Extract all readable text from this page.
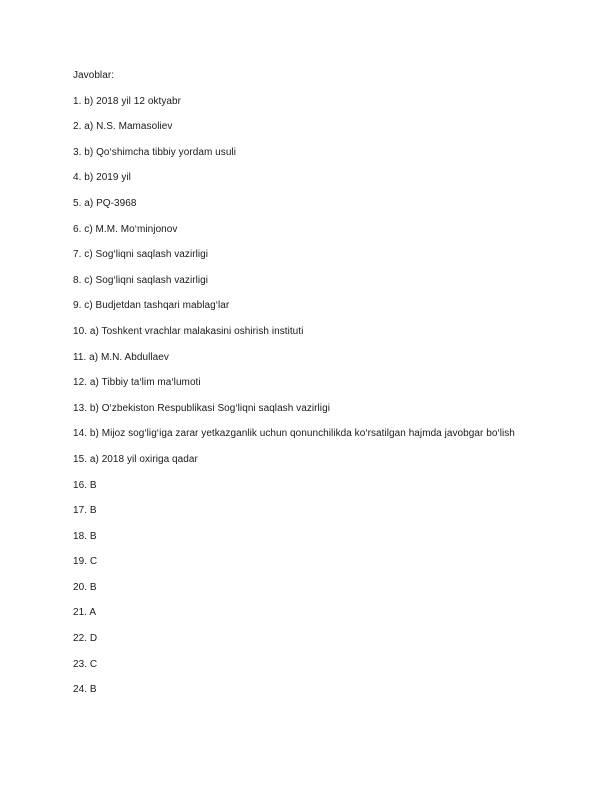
Javoblar:
1. b) 2018 yil 12 oktyabr
2. a) N.S. Mamasoliev
3. b) Qo‘shimcha tibbiy yordam usuli
4. b) 2019 yil
5. a) PQ-3968
6. c) M.M. Mo‘minjonov
7. c) Sog‘liqni saqlash vazirligi
8. c) Sog‘liqni saqlash vazirligi
9. c) Budjetdan tashqari mablag‘lar
10. a) Toshkent vrachlar malakasini oshirish instituti
11. a) M.N. Abdullaev
12. a) Tibbiy ta‘lim ma‘lumoti
13. b) O‘zbekiston Respublikasi Sog‘liqni saqlash vazirligi
14. b) Mijoz sog‘lig‘iga zarar yetkazganlik uchun qonunchilikda ko‘rsatilgan hajmda javobgar bo‘lish
15. a) 2018 yil oxiriga qadar
16. B
17. B
18. B
19. C
20. B
21. A
22. D
23. C
24. B
